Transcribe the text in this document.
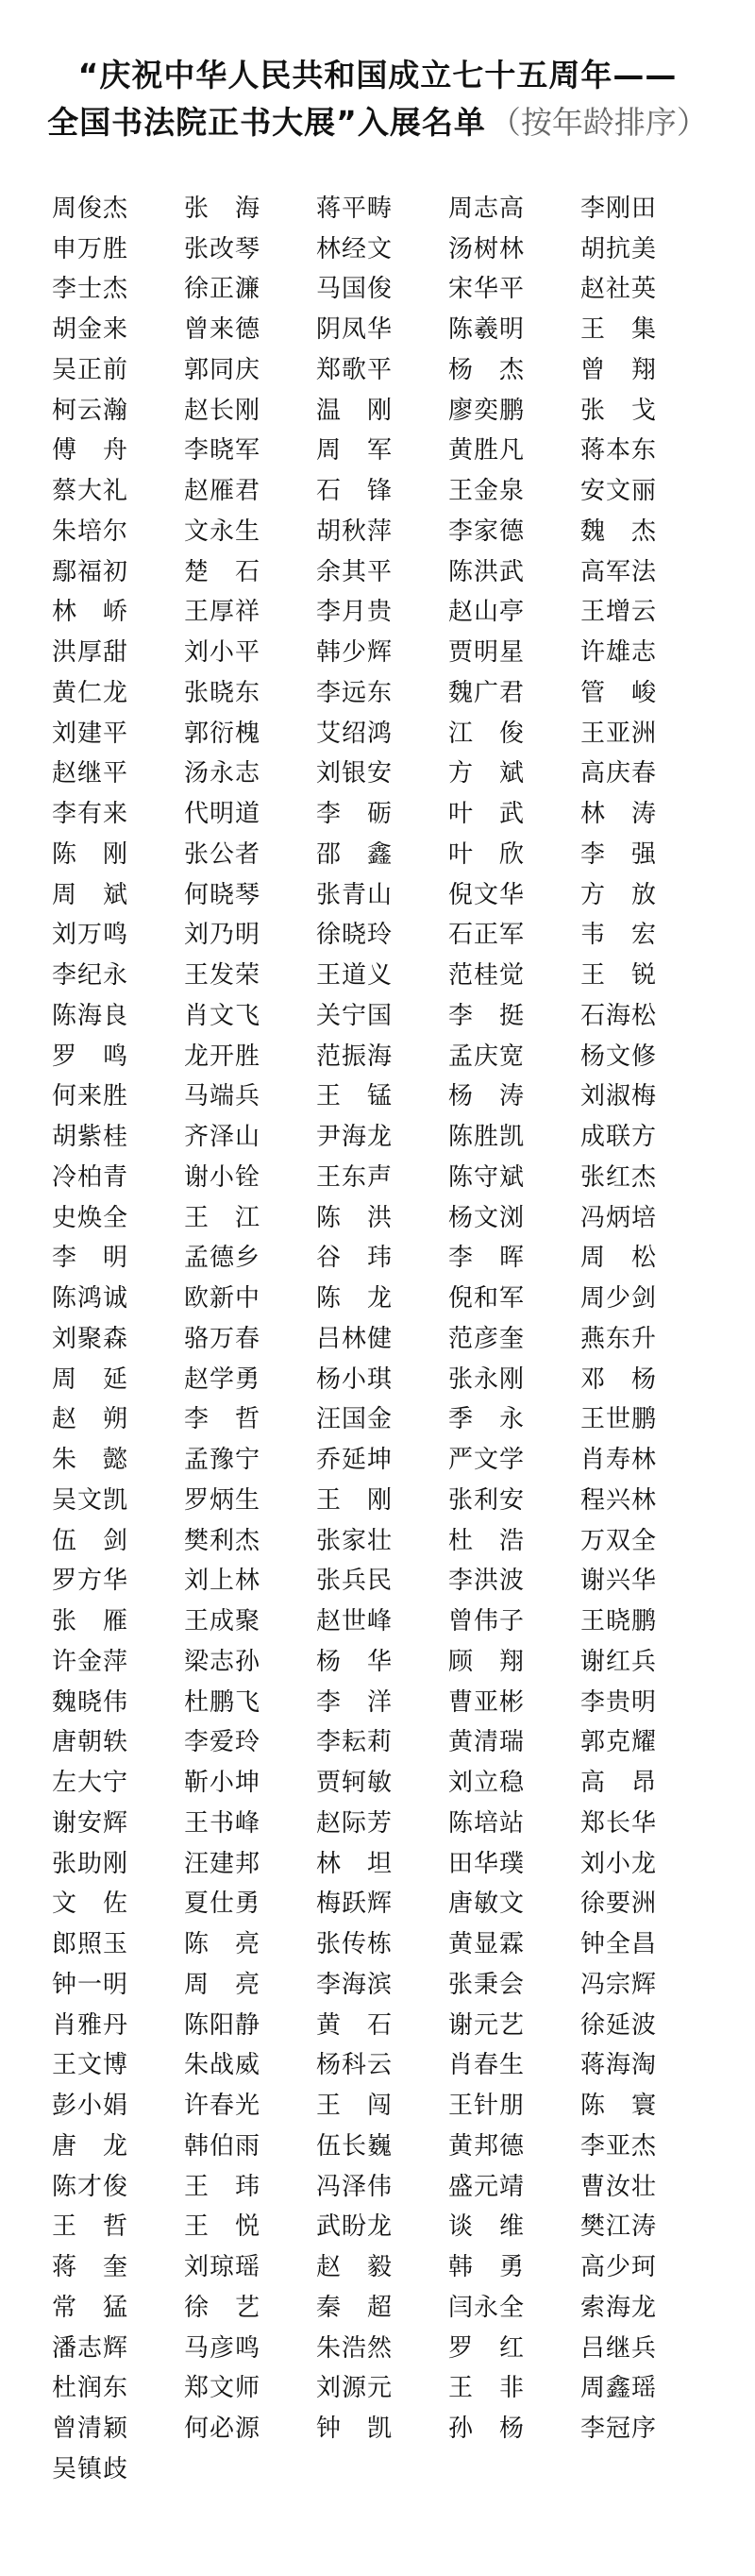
“庆祝中华人民共和国成立七十五周年——
全国书法院正书大展”入展名单 （按年龄排序）
周俊杰	张　海	蒋平畴	周志高	李刚田
申万胜	张改琴	林经文	汤树林	胡抗美
李士杰	徐正濂	马国俊	宋华平	赵社英
胡金来	曾来德	阴凤华	陈羲明	王　集
吴正前	郭同庆	郑歌平	杨　杰	曾　翔
柯云瀚	赵长刚	温　刚	廖奕鹏	张　戈
傅　舟	李晓军	周　军	黄胜凡	蒋本东
蔡大礼	赵雁君	石　锋	王金泉	安文丽
朱培尔	文永生	胡秋萍	李家德	魏　杰
鄢福初	楚　石	余其平	陈洪武	高军法
林　峤	王厚祥	李月贵	赵山亭	王增云
洪厚甜	刘小平	韩少辉	贾明星	许雄志
黄仁龙	张晓东	李远东	魏广君	管　峻
刘建平	郭衍槐	艾绍鸿	江　俊	王亚洲
赵继平	汤永志	刘银安	方　斌	高庆春
李有来	代明道	李　砺	叶　武	林　涛
陈　刚	张公者	邵　鑫	叶　欣	李　强
周　斌	何晓琴	张青山	倪文华	方　放
刘万鸣	刘乃明	徐晓玲	石正军	韦　宏
李纪永	王发荣	王道义	范桂觉	王　锐
陈海良	肖文飞	关宁国	李　挺	石海松
罗　鸣	龙开胜	范振海	孟庆宽	杨文修
何来胜	马端兵	王　锰	杨　涛	刘淑梅
胡紫桂	齐泽山	尹海龙	陈胜凯	成联方
冷柏青	谢小铨	王东声	陈守斌	张红杰
史焕全	王　江	陈　洪	杨文浏	冯炳培
李　明	孟德乡	谷　玮	李　晖	周　松
陈鸿诚	欧新中	陈　龙	倪和军	周少剑
刘聚森	骆万春	吕林健	范彦奎	燕东升
周　延	赵学勇	杨小琪	张永刚	邓　杨
赵　朔	李　哲	汪国金	季　永	王世鹏
朱　懿	孟豫宁	乔延坤	严文学	肖寿林
吴文凯	罗炳生	王　刚	张利安	程兴林
伍　剑	樊利杰	张家壮	杜　浩	万双全
罗方华	刘上林	张兵民	李洪波	谢兴华
张　雁	王成聚	赵世峰	曾伟子	王晓鹏
许金萍	梁志孙	杨　华	顾　翔	谢红兵
魏晓伟	杜鹏飞	李　洋	曹亚彬	李贵明
唐朝轶	李爱玲	李耘莉	黄清瑞	郭克耀
左大宁	靳小坤	贾轲敏	刘立稳	高　昂
谢安辉	王书峰	赵际芳	陈培站	郑长华
张助刚	汪建邦	林　坦	田华璞	刘小龙
文　佐	夏仕勇	梅跃辉	唐敏文	徐要洲
郎照玉	陈　亮	张传栋	黄显霖	钟全昌
钟一明	周　亮	李海滨	张秉会	冯宗辉
肖雅丹	陈阳静	黄　石	谢元艺	徐延波
王文博	朱战威	杨科云	肖春生	蒋海淘
彭小娟	许春光	王　闯	王针朋	陈　寰
唐　龙	韩伯雨	伍长巍	黄邦德	李亚杰
陈才俊	王　玮	冯泽伟	盛元靖	曹汝壮
王　哲	王　悦	武盼龙	谈　维	樊江涛
蒋　奎	刘琼瑶	赵　毅	韩　勇	高少珂
常　猛	徐　艺	秦　超	闫永全	索海龙
潘志辉	马彦鸣	朱浩然	罗　红	吕继兵
杜润东	郑文师	刘源元	王　非	周鑫瑶
曾清颖	何必源	钟　凯	孙　杨	李冠序
吴镇歧
